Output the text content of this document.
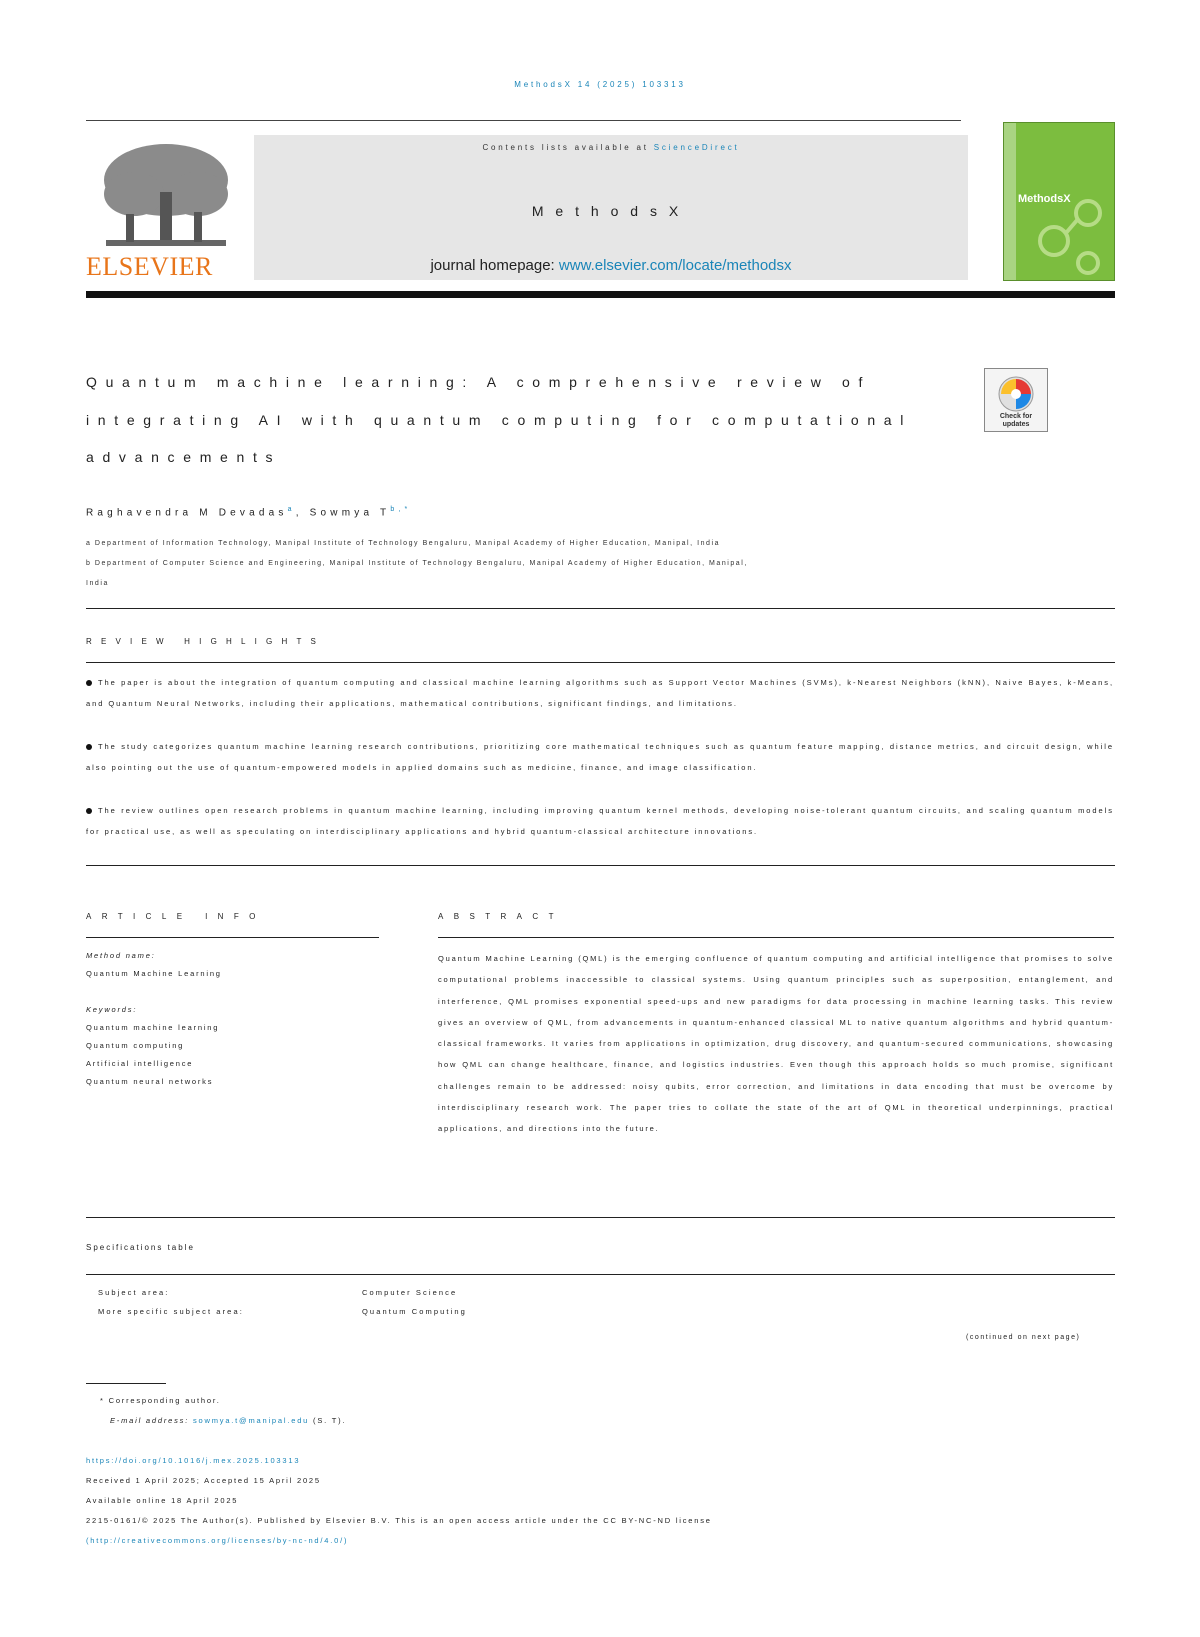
MethodsX 14 (2025) 103313
ELSEVIER
Contents lists available at ScienceDirect
MethodsX
journal homepage: www.elsevier.com/locate/methodsx
MethodsX
Quantum machine learning: A comprehensive review of
integrating AI with quantum computing for computational
advancements
Check for updates
Raghavendra M Devadas$^a$, Sowmya $T^{b,*}$
a Department of Information Technology, Manipal Institute of Technology Bengaluru, Manipal Academy of Higher Education, Manipal, India
b Department of Computer Science and Engineering, Manipal Institute of Technology Bengaluru, Manipal Academy of Higher Education, Manipal,
India
REVIEW HIGHLIGHTS
The paper is about the integration of quantum computing and classical machine learning algorithms such as Support Vector Machines (SVMs), k-Nearest Neighbors (kNN), Naive Bayes, k-Means, and Quantum Neural Networks, including their applications, mathematical contributions, significant findings, and limitations.
The study categorizes quantum machine learning research contributions, prioritizing core mathematical techniques such as quantum feature mapping, distance metrics, and circuit design, while also pointing out the use of quantum-empowered models in applied domains such as medicine, finance, and image classification.
The review outlines open research problems in quantum machine learning, including improving quantum kernel methods, developing noise-tolerant quantum circuits, and scaling quantum models for practical use, as well as speculating on interdisciplinary applications and hybrid quantum-classical architecture innovations.
ARTICLE INFO	ABSTRACT
Method name:
Quantum Machine Learning
Keywords:
Quantum machine learning
Quantum computing
Artificial intelligence
Quantum neural networks
Quantum Machine Learning (QML) is the emerging confluence of quantum computing and artificial intelligence that promises to solve computational problems inaccessible to classical systems. Using quantum principles such as superposition, entanglement, and interference, QML promises exponential speed-ups and new paradigms for data processing in machine learning tasks. This review gives an overview of QML, from advancements in quantum-enhanced classical ML to native quantum algorithms and hybrid quantum-classical frameworks. It varies from applications in optimization, drug discovery, and quantum-secured communications, showcasing how QML can change healthcare, finance, and logistics industries. Even though this approach holds so much promise, significant challenges remain to be addressed: noisy qubits, error correction, and limitations in data encoding that must be overcome by interdisciplinary research work. The paper tries to collate the state of the art of QML in theoretical underpinnings, practical applications, and directions into the future.
Specifications table
Subject area:	Computer Science
More specific subject area:	Quantum Computing
(continued on next page)
* Corresponding author.
E-mail address: sowmya.t@manipal.edu (S. T).
https://doi.org/10.1016/j.mex.2025.103313
Received 1 April 2025; Accepted 15 April 2025
Available online 18 April 2025
2215-0161/© 2025 The Author(s). Published by Elsevier B.V. This is an open access article under the CC BY-NC-ND license
(http://creativecommons.org/licenses/by-nc-nd/4.0/)
